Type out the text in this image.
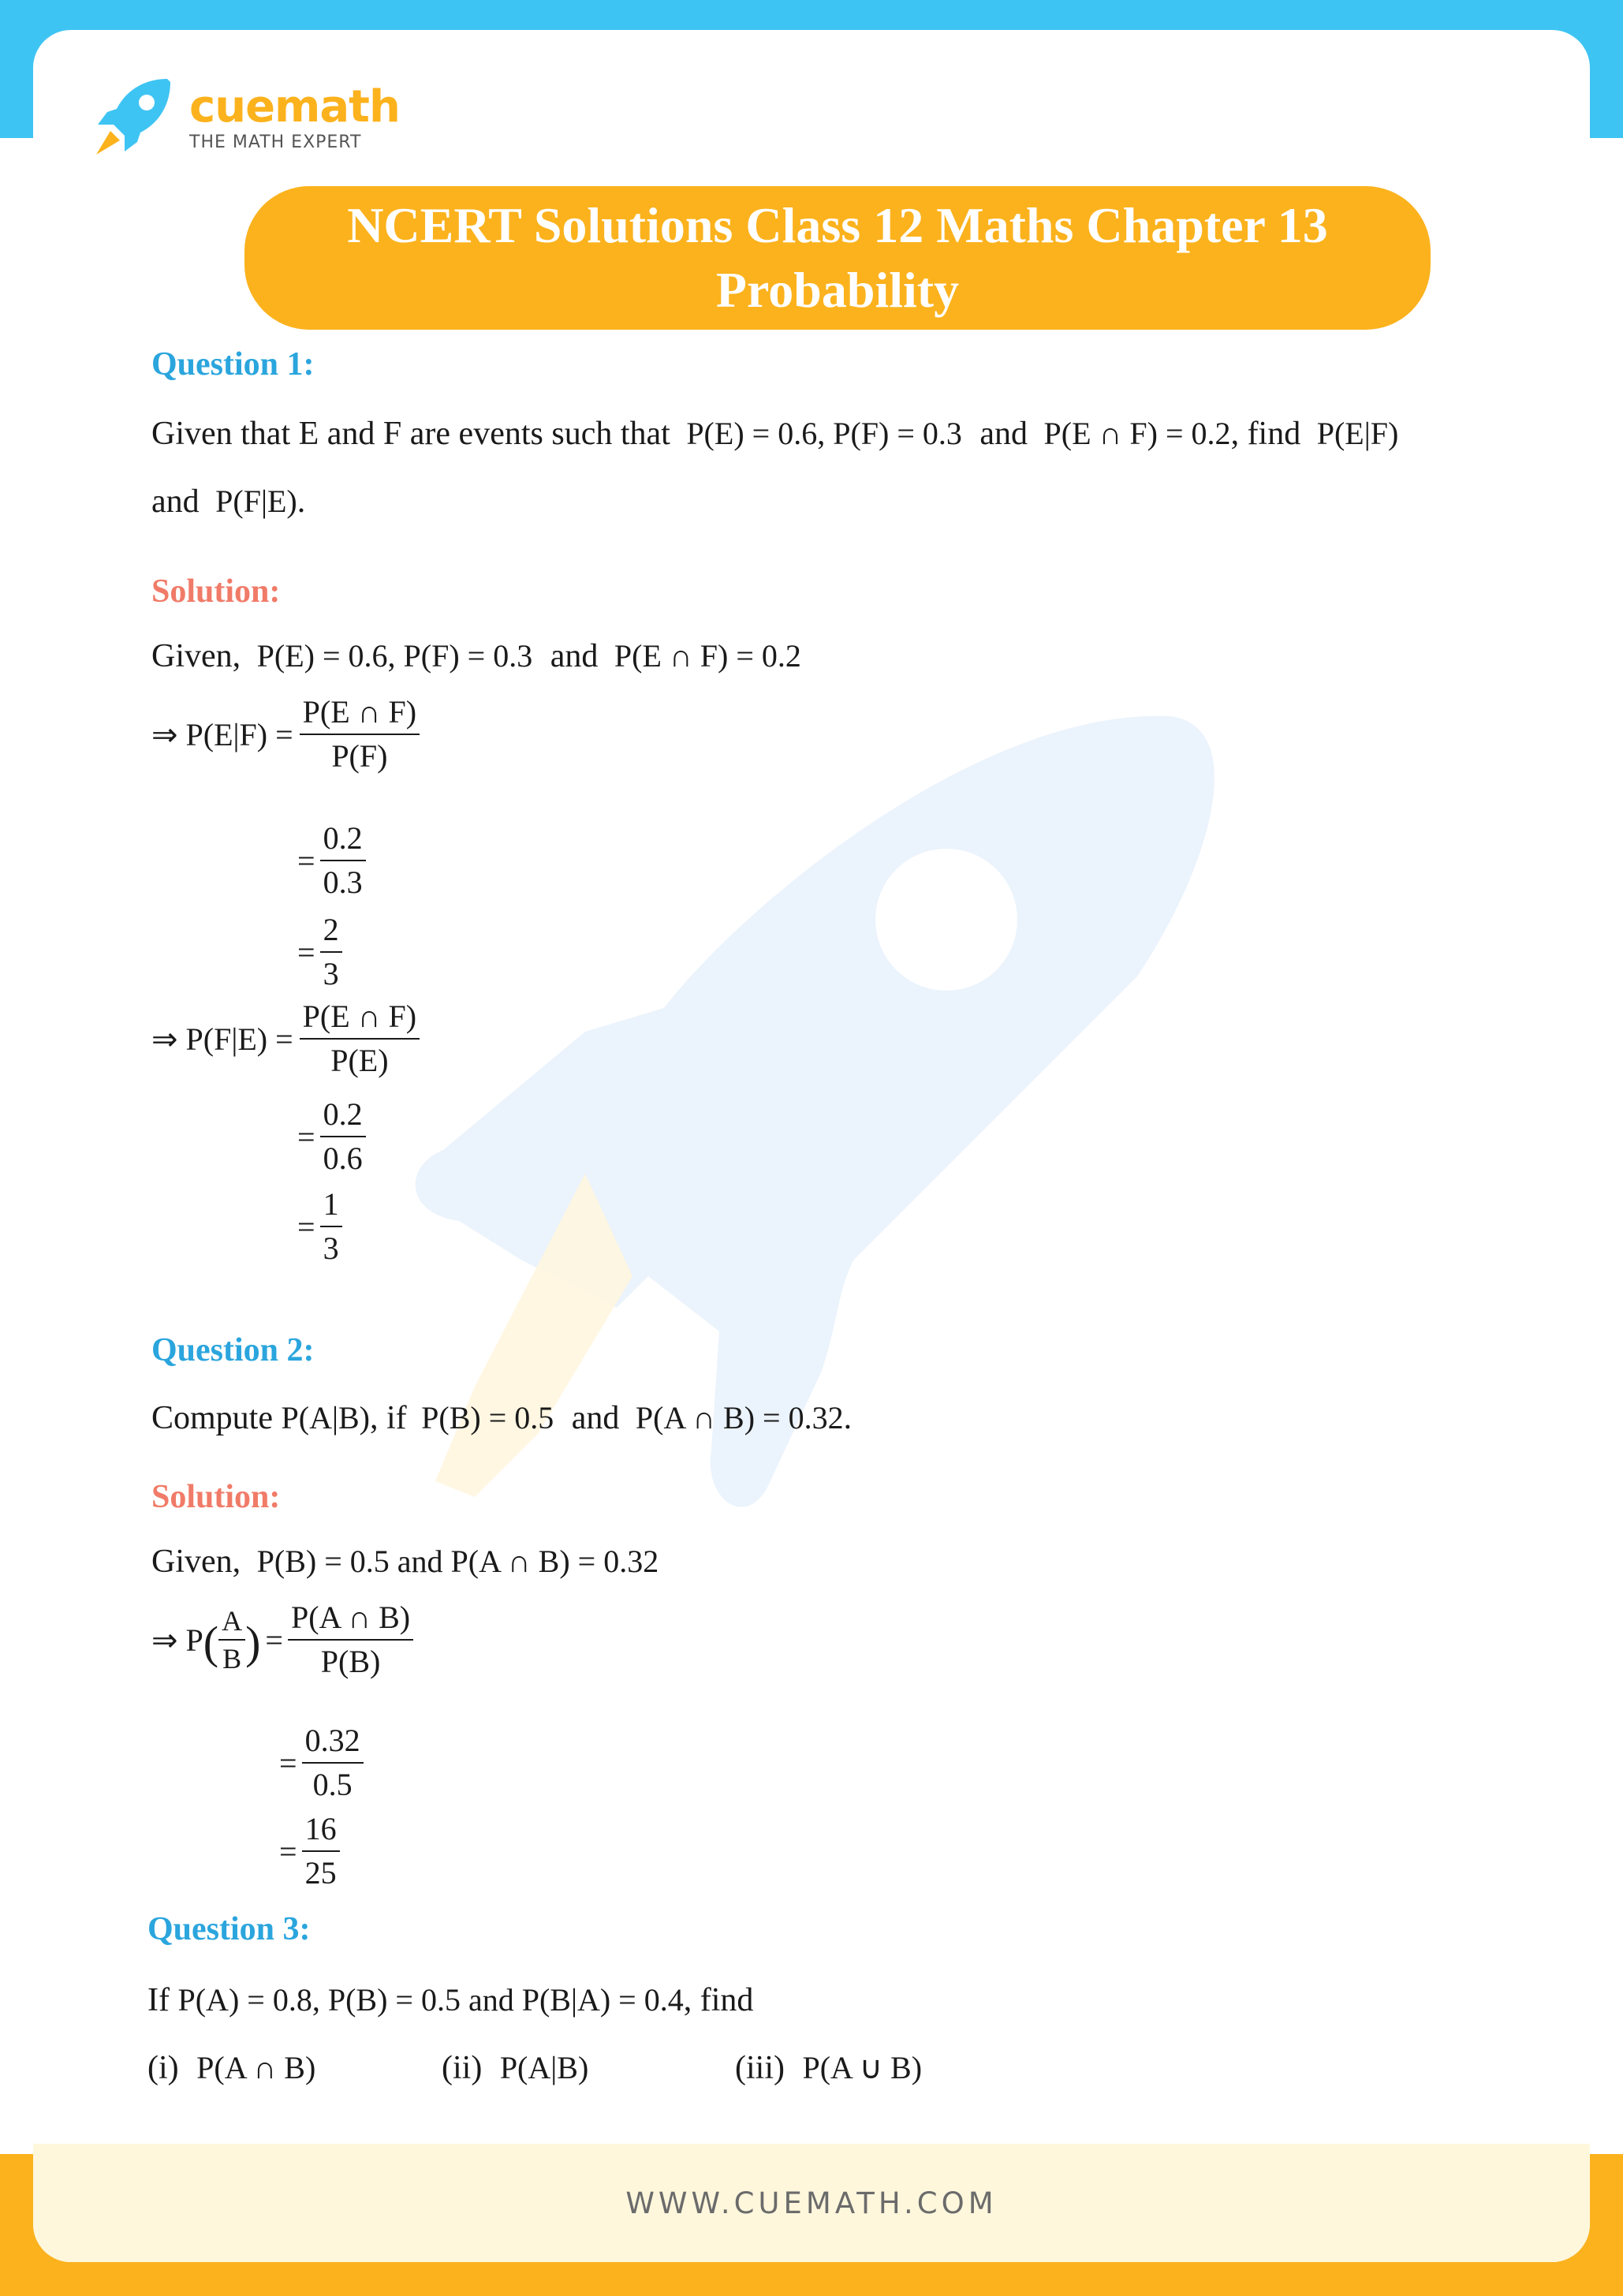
cuemath
THE MATH EXPERT
NCERT Solutions Class 12 Maths Chapter 13
Probability
Question 1:
Given that E and F are events such that P(E) = 0.6, P(F) = 0.3 and P(E ∩ F) = 0.2, find P(E|F)
and P(F|E).
Solution:
Given, P(E) = 0.6, P(F) = 0.3 and P(E ∩ F) = 0.2
⇒ $P(E|F) = \frac{P(E \cap F)}{P(F)}$
= $\frac{0.2}{0.3}$
= $\frac{2}{3}$
⇒ $P(F|E) = \frac{P(E \cap F)}{P(E)}$
= $\frac{0.2}{0.6}$
= $\frac{1}{3}$
Question 2:
Compute P(A|B), if P(B) = 0.5 and P(A ∩ B) = 0.32.
Solution:
Given, P(B) = 0.5 and P(A ∩ B) = 0.32
⇒ P ( $\frac{A}{B}$ ) = $\frac{P(A \cap B)}{P(B)}$
= $\frac{0.32}{0.5}$
= $\frac{16}{25}$
Question 3:
If P(A) = 0.8, P(B) = 0.5 and P(B|A) = 0.4, find
(i) P(A ∩ B)	(ii) P(A|B)	(iii) P(A ∪ B)
WWW.CUEMATH.COM
